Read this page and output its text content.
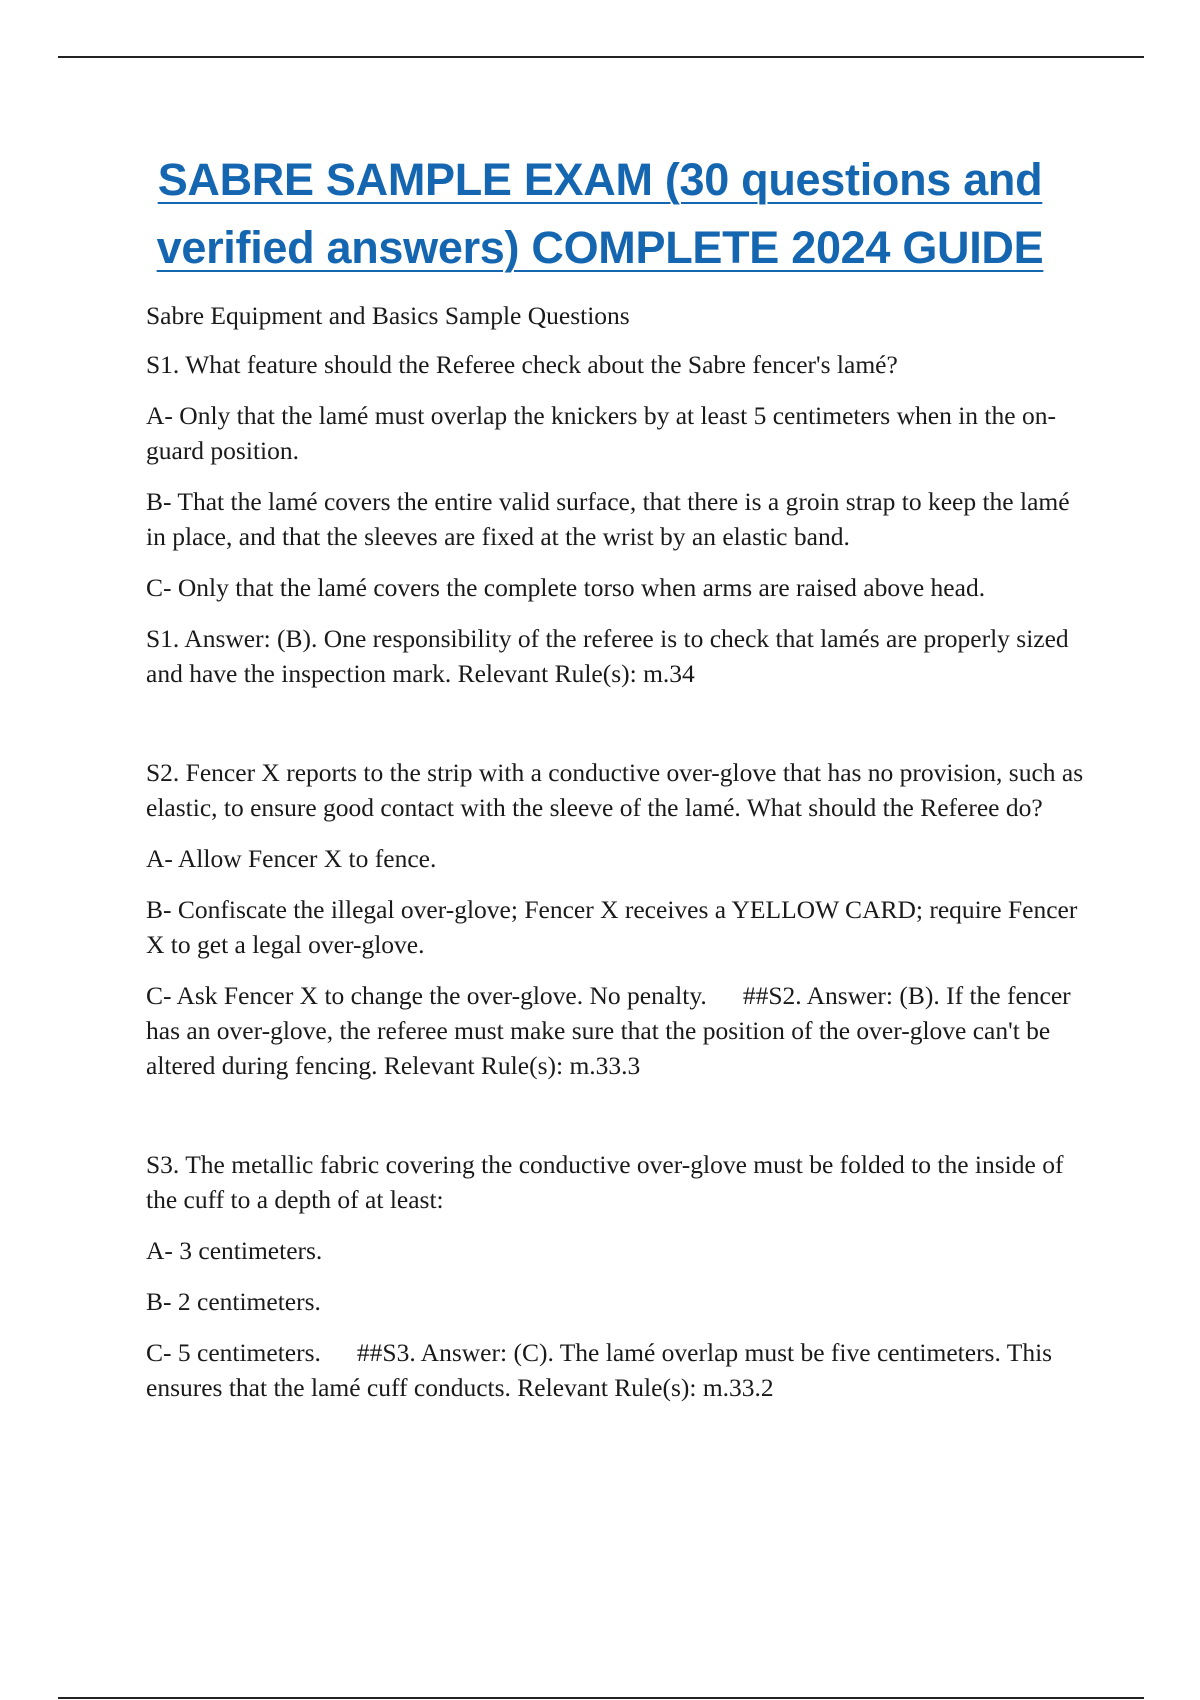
SABRE SAMPLE EXAM (30 questions and
verified answers) COMPLETE 2024 GUIDE

Sabre Equipment and Basics Sample Questions

S1. What feature should the Referee check about the Sabre fencer's lamé?

A- Only that the lamé must overlap the knickers by at least 5 centimeters when in the on-guard position.

B- That the lamé covers the entire valid surface, that there is a groin strap to keep the lamé in place, and that the sleeves are fixed at the wrist by an elastic band.

C- Only that the lamé covers the complete torso when arms are raised above head.

S1. Answer: (B). One responsibility of the referee is to check that lamés are properly sized and have the inspection mark. Relevant Rule(s): m.34

S2. Fencer X reports to the strip with a conductive over-glove that has no provision, such as elastic, to ensure good contact with the sleeve of the lamé. What should the Referee do?

A- Allow Fencer X to fence.

B- Confiscate the illegal over-glove; Fencer X receives a YELLOW CARD; require Fencer X to get a legal over-glove.

C- Ask Fencer X to change the over-glove. No penalty. ##S2. Answer: (B). If the fencer has an over-glove, the referee must make sure that the position of the over-glove can't be altered during fencing. Relevant Rule(s): m.33.3

S3. The metallic fabric covering the conductive over-glove must be folded to the inside of the cuff to a depth of at least:

A- 3 centimeters.

B- 2 centimeters.

C- 5 centimeters. ##S3. Answer: (C). The lamé overlap must be five centimeters. This ensures that the lamé cuff conducts. Relevant Rule(s): m.33.2
